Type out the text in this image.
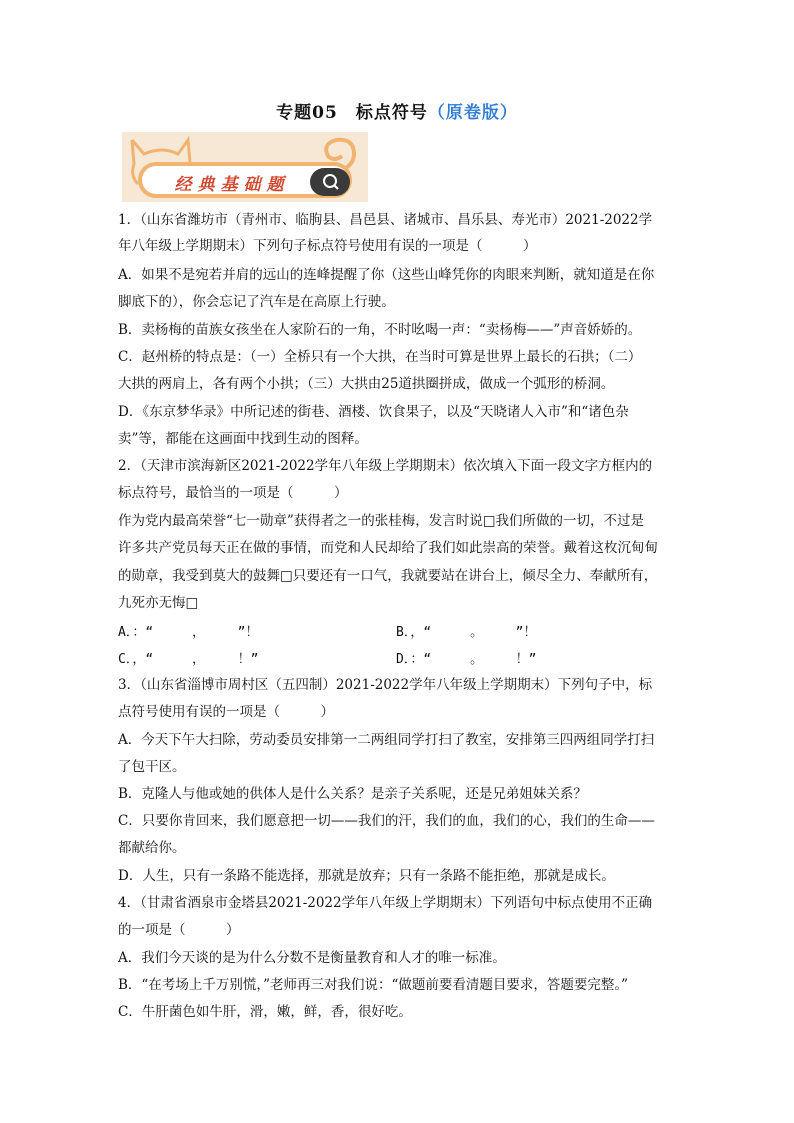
专题05　标点符号（原卷版）
经典基础题
1．（山东省潍坊市（青州市、临朐县、昌邑县、诸城市、昌乐县、寿光市）2021-2022学
年八年级上学期期末）下列句子标点符号使用有误的一项是（　　　）
A．如果不是宛若并肩的远山的连峰提醒了你（这些山峰凭你的肉眼来判断，就知道是在你
脚底下的），你会忘记了汽车是在高原上行驶。
B．卖杨梅的苗族女孩坐在人家阶石的一角，不时吆喝一声：“卖杨梅——”声音娇娇的。
C．赵州桥的特点是：（一）全桥只有一个大拱，在当时可算是世界上最长的石拱；（二）
大拱的两肩上，各有两个小拱；（三）大拱由25道拱圈拼成，做成一个弧形的桥洞。
D．《东京梦华录》中所记述的街巷、酒楼、饮食果子，以及“天晓诸人入市”和“诸色杂
卖”等，都能在这画面中找到生动的图释。
2．（天津市滨海新区2021-2022学年八年级上学期期末）依次填入下面一段文字方框内的
标点符号，最恰当的一项是（　　　）
作为党内最高荣誉“七一勋章”获得者之一的张桂梅，发言时说□我们所做的一切，不过是
许多共产党员每天正在做的事情，而党和人民却给了我们如此崇高的荣誉。戴着这枚沉甸甸
的勋章，我受到莫大的鼓舞□只要还有一口气，我就要站在讲台上，倾尽全力、奉献所有，
九死亦无悔□
A．：“　　　，　　　”！	B．，“　　　。　　　”！
C．，“　　　，　　　！”	D．：“　　　。　　　！”
3．（山东省淄博市周村区（五四制）2021-2022学年八年级上学期期末）下列句子中，标
点符号使用有误的一项是（　　　）
A．今天下午大扫除，劳动委员安排第一二两组同学打扫了教室，安排第三四两组同学打扫
了包干区。
B．克隆人与他或她的供体人是什么关系？是亲子关系呢，还是兄弟姐妹关系？
C．只要你肯回来，我们愿意把一切——我们的汗，我们的血，我们的心，我们的生命——
都献给你。
D．人生，只有一条路不能选择，那就是放弃；只有一条路不能拒绝，那就是成长。
4．（甘肃省酒泉市金塔县2021-2022学年八年级上学期期末）下列语句中标点使用不正确
的一项是（　　　）
A．我们今天谈的是为什么分数不是衡量教育和人才的唯一标准。
B．“在考场上千万别慌，”老师再三对我们说：“做题前要看清题目要求，答题要完整。”
C．牛肝菌色如牛肝，滑，嫩，鲜，香，很好吃。
